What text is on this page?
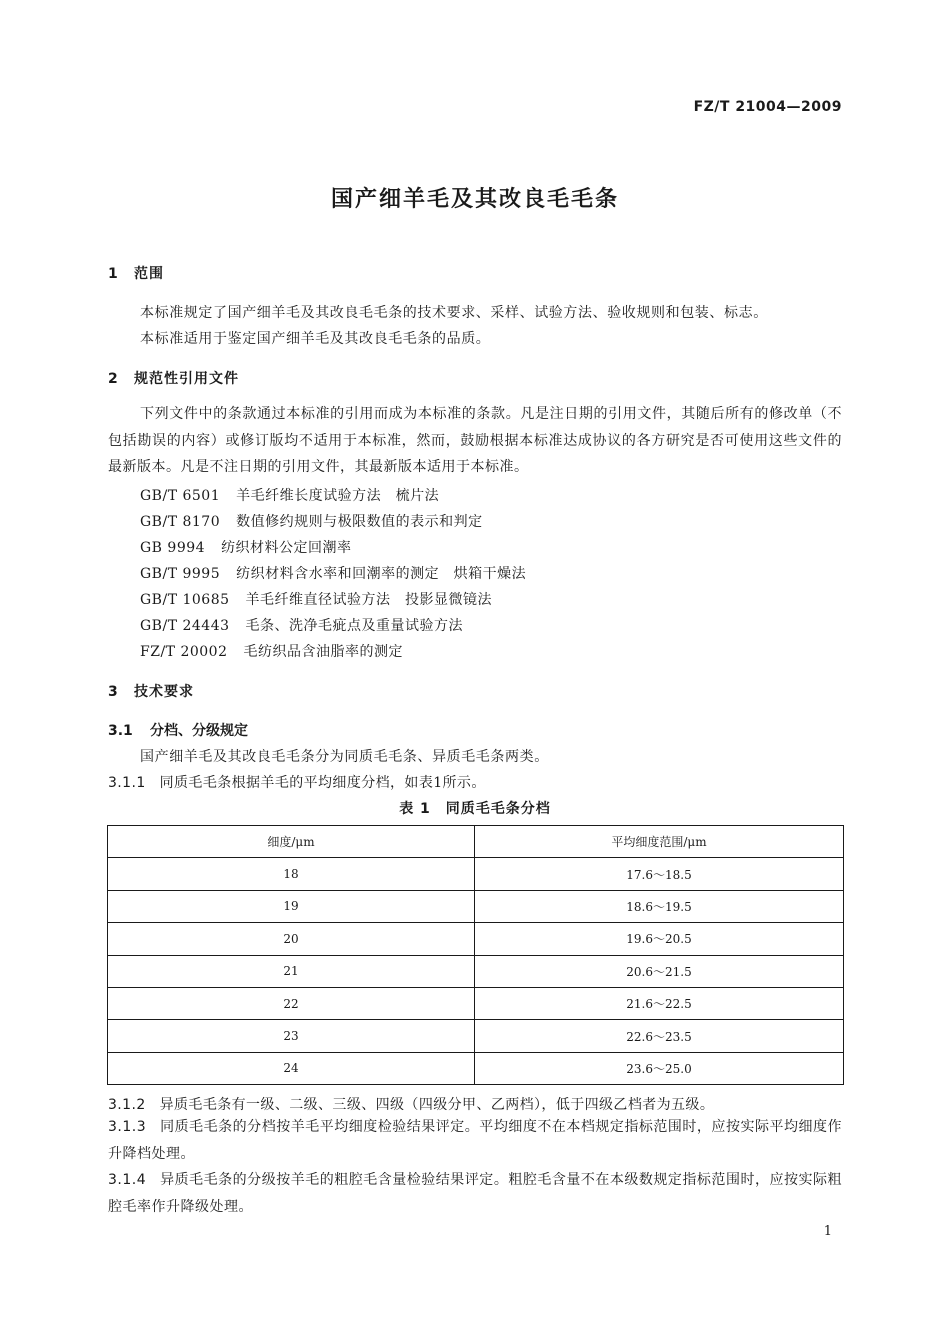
FZ/T 21004—2009
国产细羊毛及其改良毛毛条
1 范围
本标准规定了国产细羊毛及其改良毛毛条的技术要求、采样、试验方法、验收规则和包装、标志。
本标准适用于鉴定国产细羊毛及其改良毛毛条的品质。
2 规范性引用文件
下列文件中的条款通过本标准的引用而成为本标准的条款。凡是注日期的引用文件，其随后所有的修改单（不包括勘误的内容）或修订版均不适用于本标准，然而，鼓励根据本标准达成协议的各方研究是否可使用这些文件的最新版本。凡是不注日期的引用文件，其最新版本适用于本标准。
GB/T 6501 羊毛纤维长度试验方法　梳片法
GB/T 8170 数值修约规则与极限数值的表示和判定
GB 9994 纺织材料公定回潮率
GB/T 9995 纺织材料含水率和回潮率的测定　烘箱干燥法
GB/T 10685 羊毛纤维直径试验方法　投影显微镜法
GB/T 24443 毛条、洗净毛疵点及重量试验方法
FZ/T 20002 毛纺织品含油脂率的测定
3 技术要求
3.1 分档、分级规定
国产细羊毛及其改良毛毛条分为同质毛毛条、异质毛毛条两类。
3.1.1 同质毛毛条根据羊毛的平均细度分档，如表1所示。
表 1　同质毛毛条分档
细度/μm	平均细度范围/μm
18	17.6～18.5
19	18.6～19.5
20	19.6～20.5
21	20.6～21.5
22	21.6～22.5
23	22.6～23.5
24	23.6～25.0
3.1.2 异质毛毛条有一级、二级、三级、四级（四级分甲、乙两档），低于四级乙档者为五级。
3.1.3 同质毛毛条的分档按羊毛平均细度检验结果评定。平均细度不在本档规定指标范围时，应按实际平均细度作升降档处理。
3.1.4 异质毛毛条的分级按羊毛的粗腔毛含量检验结果评定。粗腔毛含量不在本级数规定指标范围时，应按实际粗腔毛率作升降级处理。
1
